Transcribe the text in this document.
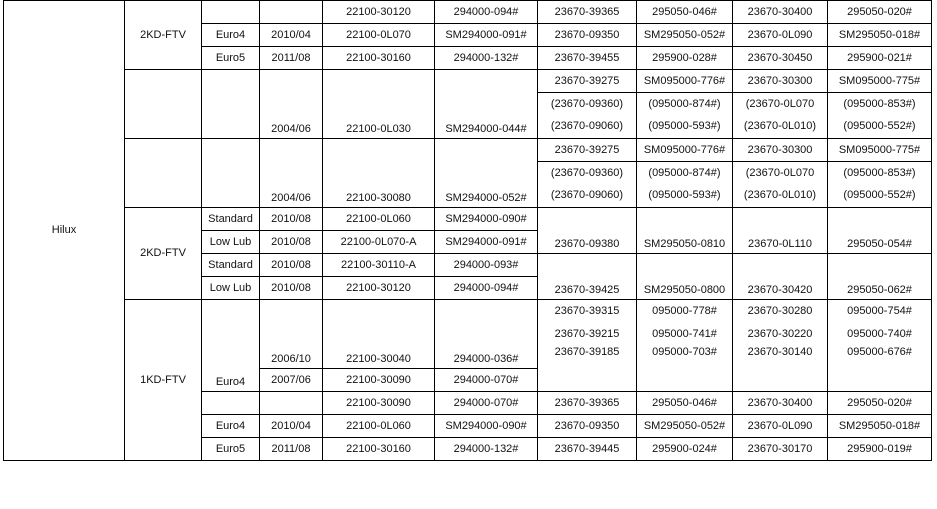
Hilux	2KD-FTV			22100-30120	294000-094#	23670-39365	295050-046#	23670-30400	295050-020#
		Euro4	2010/04	22100-0L070	SM294000-091#	23670-09350	SM295050-052#	23670-0L090	SM295050-018#
		Euro5	2011/08	22100-30160	294000-132#	23670-39455	295900-028#	23670-30450	295900-021#
			2004/06	22100-0L030	SM294000-044#	23670-39275	SM095000-776#	23670-30300	SM095000-775#
						(23670-09360)	(095000-874#)	(23670-0L070	(095000-853#)
						(23670-09060)	(095000-593#)	(23670-0L010)	(095000-552#)
			2004/06	22100-30080	SM294000-052#	23670-39275	SM095000-776#	23670-30300	SM095000-775#
						(23670-09360)	(095000-874#)	(23670-0L070	(095000-853#)
						(23670-09060)	(095000-593#)	(23670-0L010)	(095000-552#)
	2KD-FTV	Standard	2010/08	22100-0L060	SM294000-090#	23670-09380	SM295050-0810	23670-0L110	295050-054#
		Low Lub	2010/08	22100-0L070-A	SM294000-091#				
		Standard	2010/08	22100-30110-A	294000-093#	23670-39425	SM295050-0800	23670-30420	295050-062#
		Low Lub	2010/08	22100-30120	294000-094#				
	1KD-FTV	Euro4	2006/10	22100-30040	294000-036#	23670-39315	095000-778#	23670-30280	095000-754#
						23670-39215	095000-741#	23670-30220	095000-740#
						23670-39185	095000-703#	23670-30140	095000-676#
			2007/06	22100-30090	294000-070#				
				22100-30090	294000-070#	23670-39365	295050-046#	23670-30400	295050-020#
		Euro4	2010/04	22100-0L060	SM294000-090#	23670-09350	SM295050-052#	23670-0L090	SM295050-018#
		Euro5	2011/08	22100-30160	294000-132#	23670-39445	295900-024#	23670-30170	295900-019#
